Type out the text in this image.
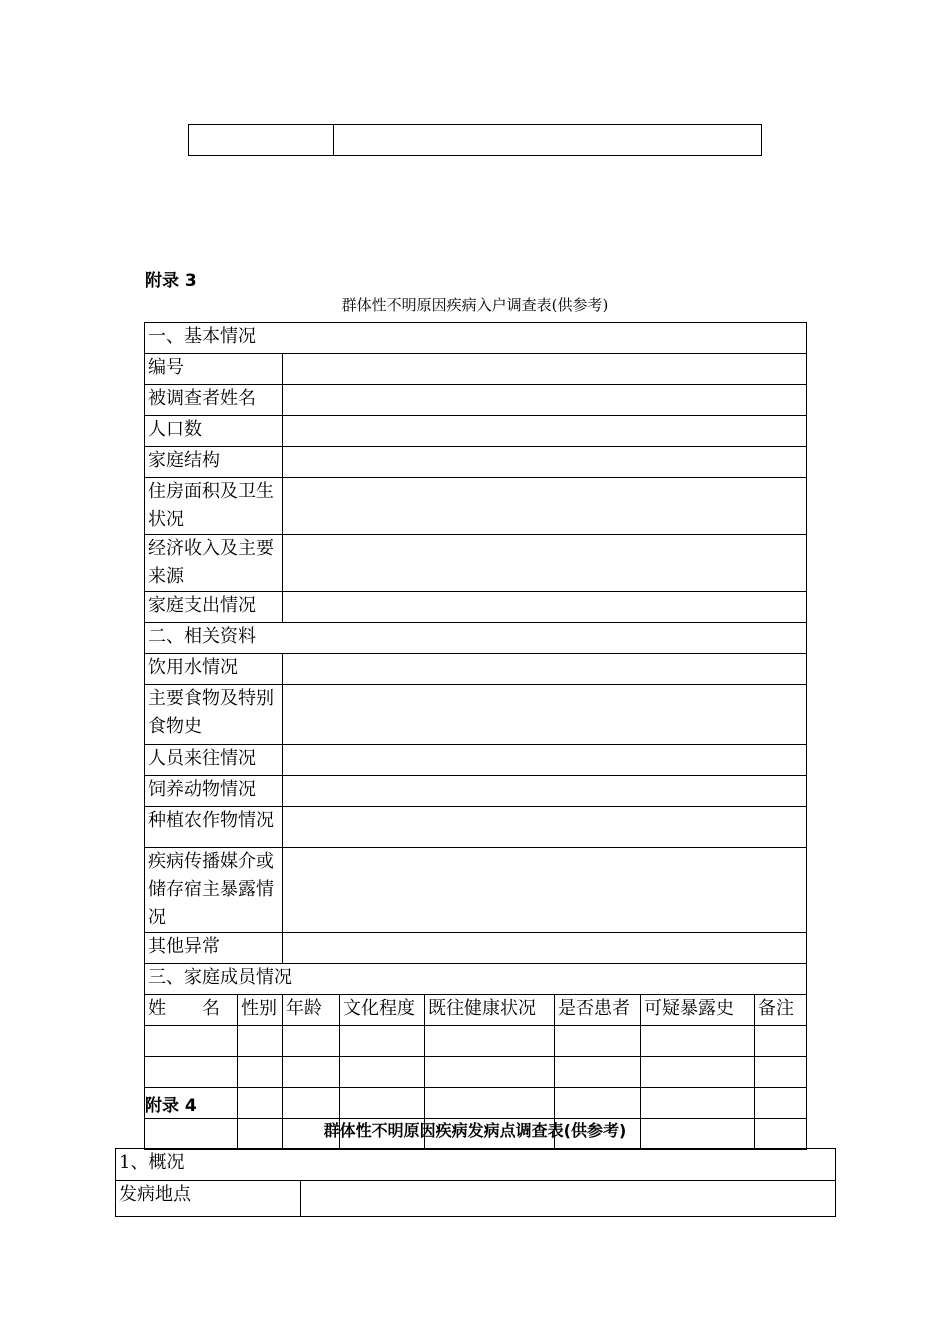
附录 3
群体性不明原因疾病入户调查表(供参考)
一、基本情况							
编号							
被调查者姓名							
人口数							
家庭结构							
住房面积及卫生状况							
经济收入及主要来源							
家庭支出情况							
二、相关资料							
饮用水情况							
主要食物及特别食物史							
人员来往情况							
饲养动物情况							
种植农作物情况							
疾病传播媒介或储存宿主暴露情况							
其他异常							
三、家庭成员情况							
姓　　名	性别	年龄	文化程度	既往健康状况	是否患者	可疑暴露史	备注

附录 4
群体性不明原因疾病发病点调查表(供参考)
1、概况
发病地点	
